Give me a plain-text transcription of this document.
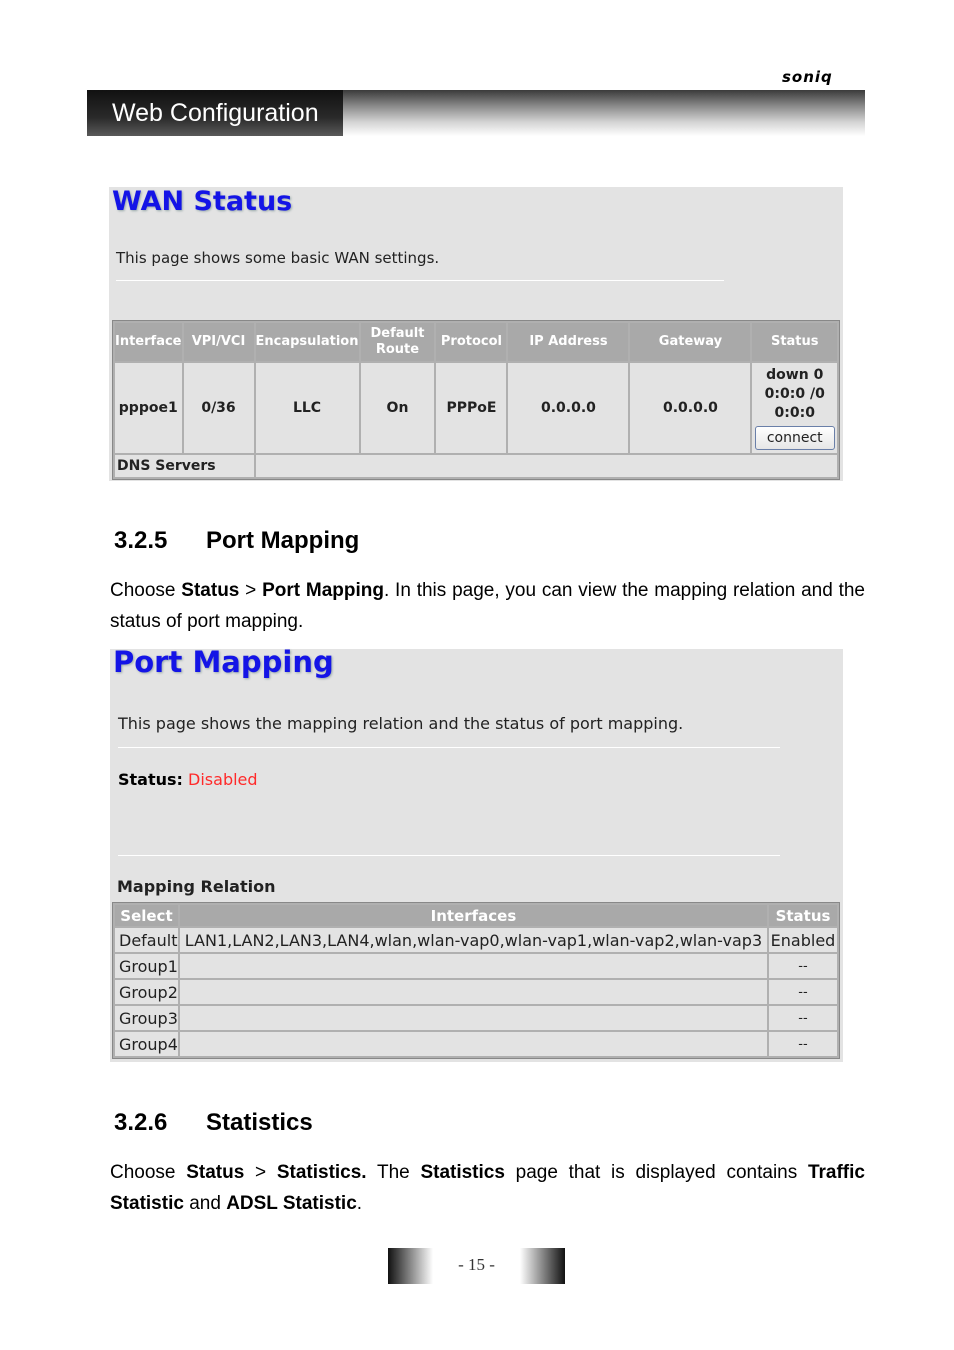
soniq
Web Configuration
WAN Status
This page shows some basic WAN settings.
Interface	VPI/VCI	Encapsulation	Default Route	Protocol	IP Address	Gateway	Status
pppoe1	0/36	LLC	On	PPPoE	0.0.0.0	0.0.0.0	down 0
0:0:0 /0
0:0:0
connect
DNS Servers							
3.2.5 Port Mapping
Choose Status > Port Mapping. In this page, you can view the mapping relation and the status of port mapping.
Port Mapping
This page shows the mapping relation and the status of port mapping.
Status: Disabled
Mapping Relation
Select	Interfaces	Status
Default	LAN1,LAN2,LAN3,LAN4,wlan,wlan-vap0,wlan-vap1,wlan-vap2,wlan-vap3	Enabled
Group1		--
Group2		--
Group3		--
Group4		--
3.2.6 Statistics
Choose Status > Statistics. The Statistics page that is displayed contains Traffic Statistic and ADSL Statistic.
- 15 -
